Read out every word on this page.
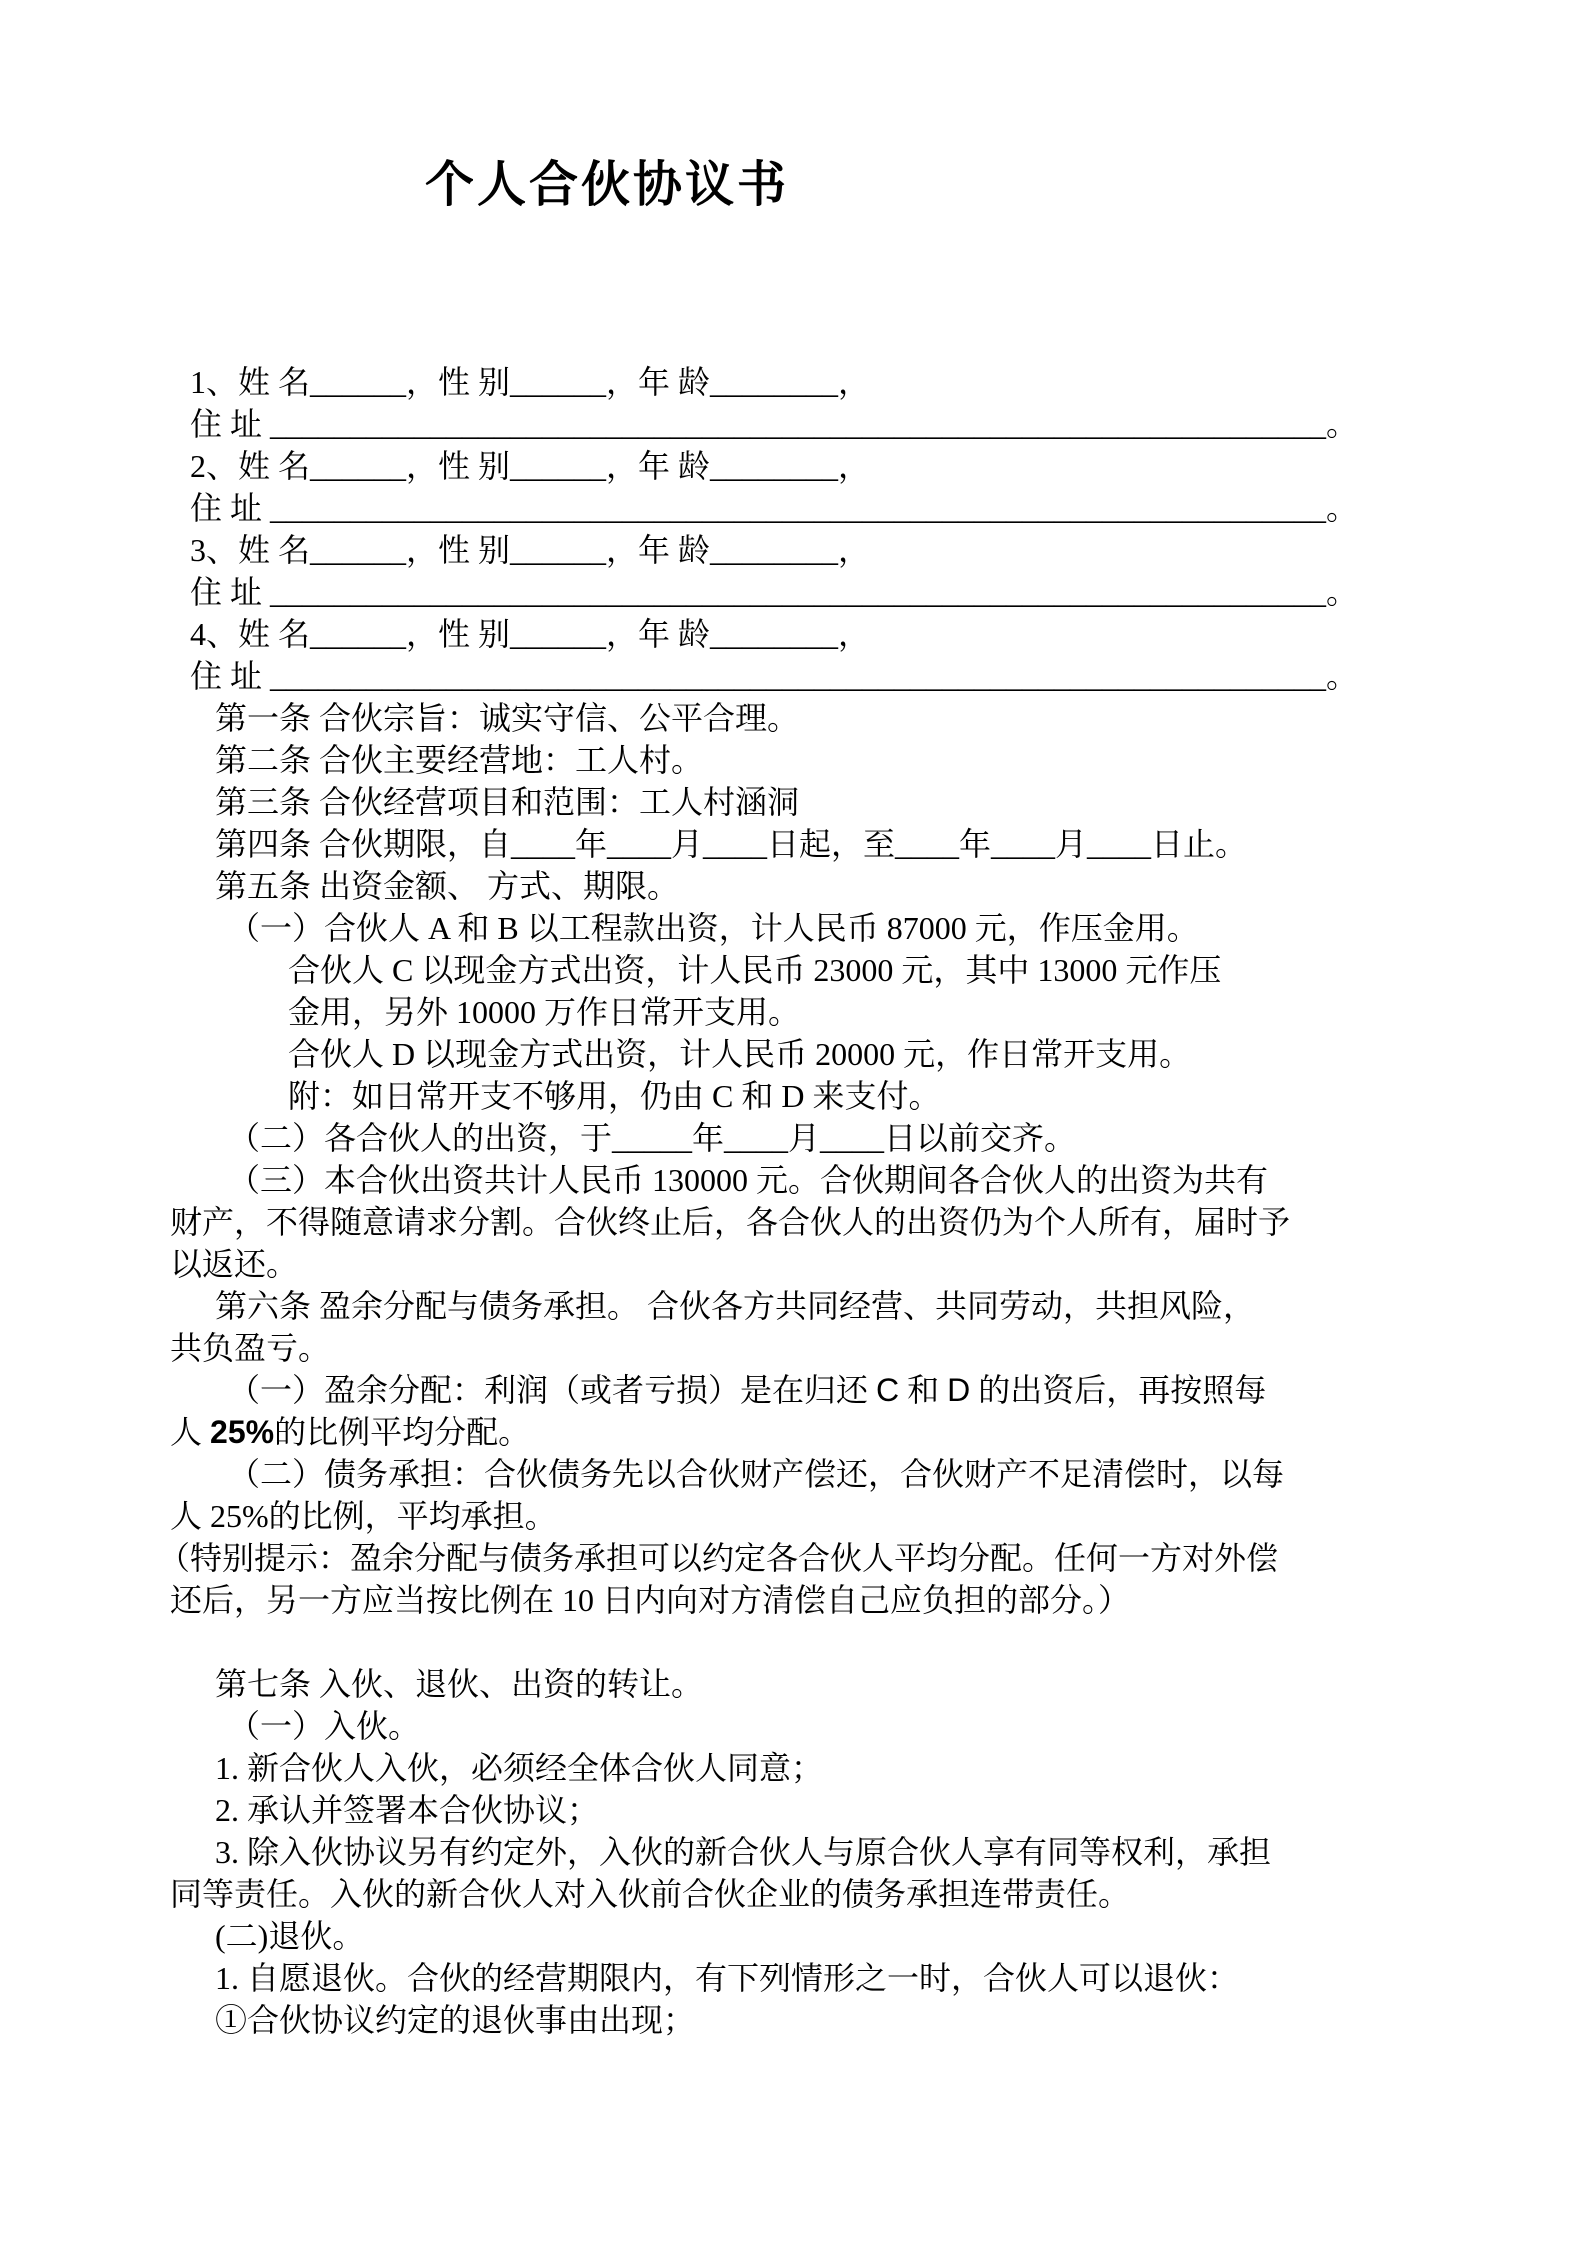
个人合伙协议书
1、姓 名______，性 别______，年 龄________，
住 址 __________________________________________________________________。
2、姓 名______，性 别______，年 龄________，
住 址 __________________________________________________________________。
3、姓 名______，性 别______，年 龄________，
住 址 __________________________________________________________________。
4、姓 名______，性 别______，年 龄________，
住 址 __________________________________________________________________。
第一条 合伙宗旨：诚实守信、公平合理。
第二条 合伙主要经营地：工人村。
第三条 合伙经营项目和范围：工人村涵洞
第四条 合伙期限，自____年____月____日起，至____年____月____日止。
第五条 出资金额、 方式、期限。
（一）合伙人 A 和 B 以工程款出资，计人民币 87000 元，作压金用。
合伙人 C 以现金方式出资，计人民币 23000 元，其中 13000 元作压
金用，另外 10000 万作日常开支用。
合伙人 D 以现金方式出资，计人民币 20000 元，作日常开支用。
附：如日常开支不够用，仍由 C 和 D 来支付。
（二）各合伙人的出资，于_____年____月____日以前交齐。
（三）本合伙出资共计人民币 130000 元。合伙期间各合伙人的出资为共有
财产，不得随意请求分割。合伙终止后，各合伙人的出资仍为个人所有，届时予
以返还。
第六条 盈余分配与债务承担。 合伙各方共同经营、共同劳动，共担风险，
共负盈亏。
（一）盈余分配：利润（或者亏损）是在归还 C 和 D 的出资后，再按照每
人 25%的比例平均分配。
（二）债务承担：合伙债务先以合伙财产偿还，合伙财产不足清偿时，以每
人 25%的比例，平均承担。
（特别提示：盈余分配与债务承担可以约定各合伙人平均分配。任何一方对外偿
还后，另一方应当按比例在 10 日内向对方清偿自己应负担的部分。）
第七条 入伙、退伙、出资的转让。
（一）入伙。
1. 新合伙人入伙，必须经全体合伙人同意；
2. 承认并签署本合伙协议；
3. 除入伙协议另有约定外，入伙的新合伙人与原合伙人享有同等权利，承担
同等责任。入伙的新合伙人对入伙前合伙企业的债务承担连带责任。
(二)退伙。
1. 自愿退伙。合伙的经营期限内，有下列情形之一时，合伙人可以退伙：
①合伙协议约定的退伙事由出现；
